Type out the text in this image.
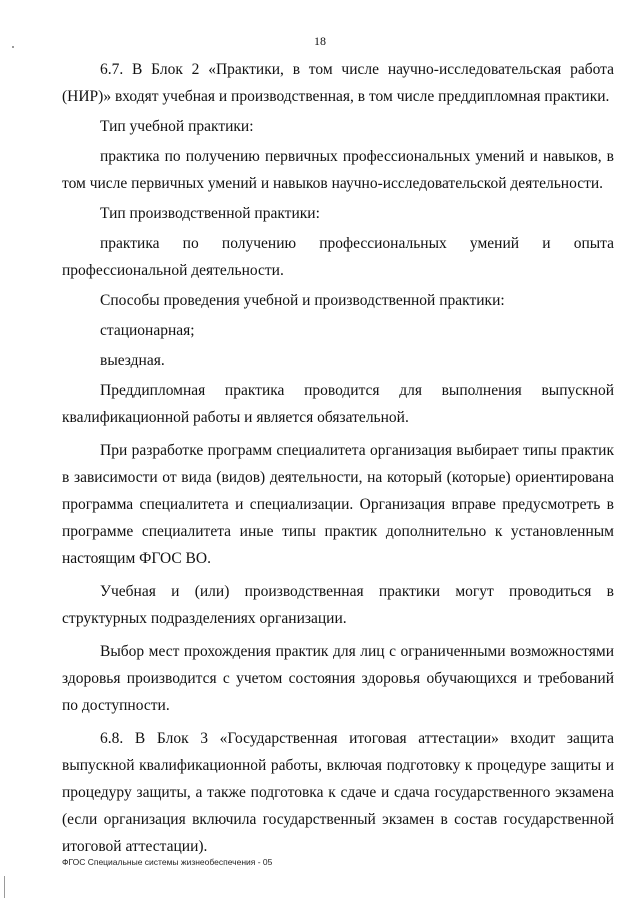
18

6.7. В Блок 2 «Практики, в том числе научно-исследовательская работа (НИР)» входят учебная и производственная, в том числе преддипломная практики.

Тип учебной практики:

практика по получению первичных профессиональных умений и навыков, в том числе первичных умений и навыков научно-исследовательской деятельности.

Тип производственной практики:

практика по получению профессиональных умений и опыта профессиональной деятельности.

Способы проведения учебной и производственной практики:

стационарная;

выездная.

Преддипломная практика проводится для выполнения выпускной квалификационной работы и является обязательной.

При разработке программ специалитета организация выбирает типы практик в зависимости от вида (видов) деятельности, на который (которые) ориентирована программа специалитета и специализации. Организация вправе предусмотреть в программе специалитета иные типы практик дополнительно к установленным настоящим ФГОС ВО.

Учебная и (или) производственная практики могут проводиться в структурных подразделениях организации.

Выбор мест прохождения практик для лиц с ограниченными возможностями здоровья производится с учетом состояния здоровья обучающихся и требований по доступности.

6.8. В Блок 3 «Государственная итоговая аттестации» входит защита выпускной квалификационной работы, включая подготовку к процедуре защиты и процедуру защиты, а также подготовка к сдаче и сдача государственного экзамена (если организация включила государственный экзамен в состав государственной итоговой аттестации).

ФГОС Специальные системы жизнеобеспечения - 05
